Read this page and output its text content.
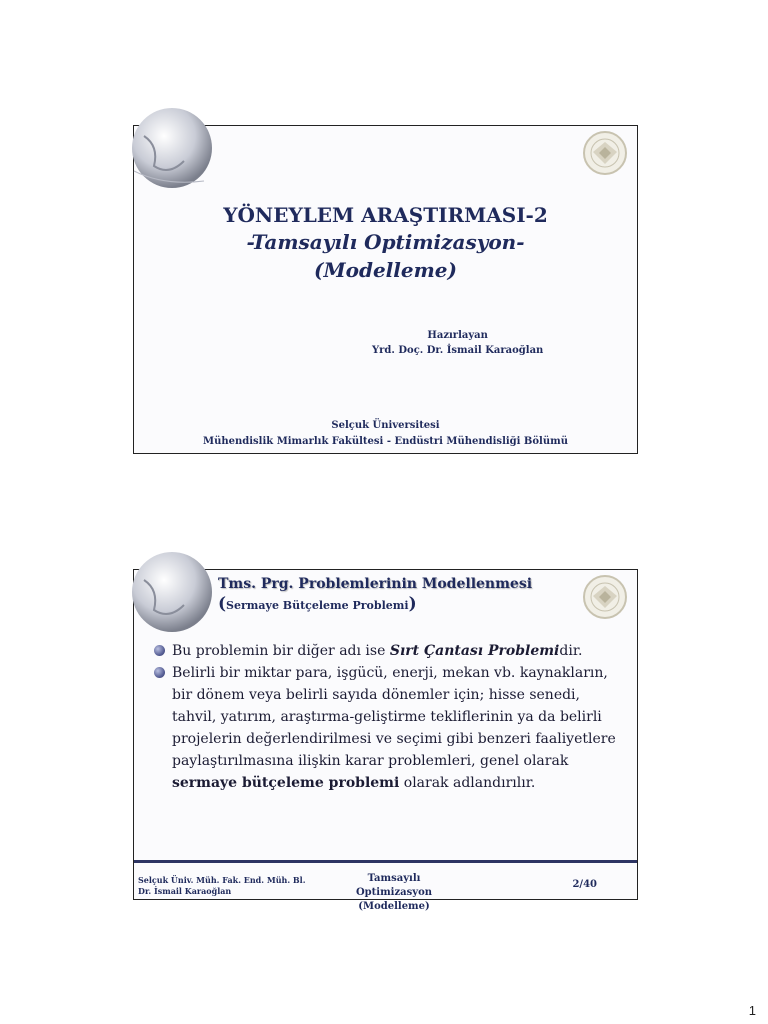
YÖNEYLEM ARAŞTIRMASI-2
-Tamsayılı Optimizasyon-
(Modelleme)
Hazırlayan
Yrd. Doç. Dr. İsmail Karaoğlan
Selçuk Üniversitesi
Mühendislik Mimarlık Fakültesi - Endüstri Mühendisliği Bölümü
Tms. Prg. Problemlerinin Modellenmesi
(Sermaye Bütçeleme Problemi)
Bu problemin bir diğer adı ise Sırt Çantası Problemidir.
Belirli bir miktar para, işgücü, enerji, mekan vb. kaynakların, bir dönem veya belirli sayıda dönemler için; hisse senedi, tahvil, yatırım, araştırma-geliştirme tekliflerinin ya da belirli projelerin değerlendirilmesi ve seçimi gibi benzeri faaliyetlere paylaştırılmasına ilişkin karar problemleri, genel olarak sermaye bütçeleme problemi olarak adlandırılır.
Selçuk Üniv. Müh. Fak. End. Müh. Bl.
Dr. İsmail Karaoğlan
Tamsayılı Optimizasyon
(Modelleme)
2/40
1
